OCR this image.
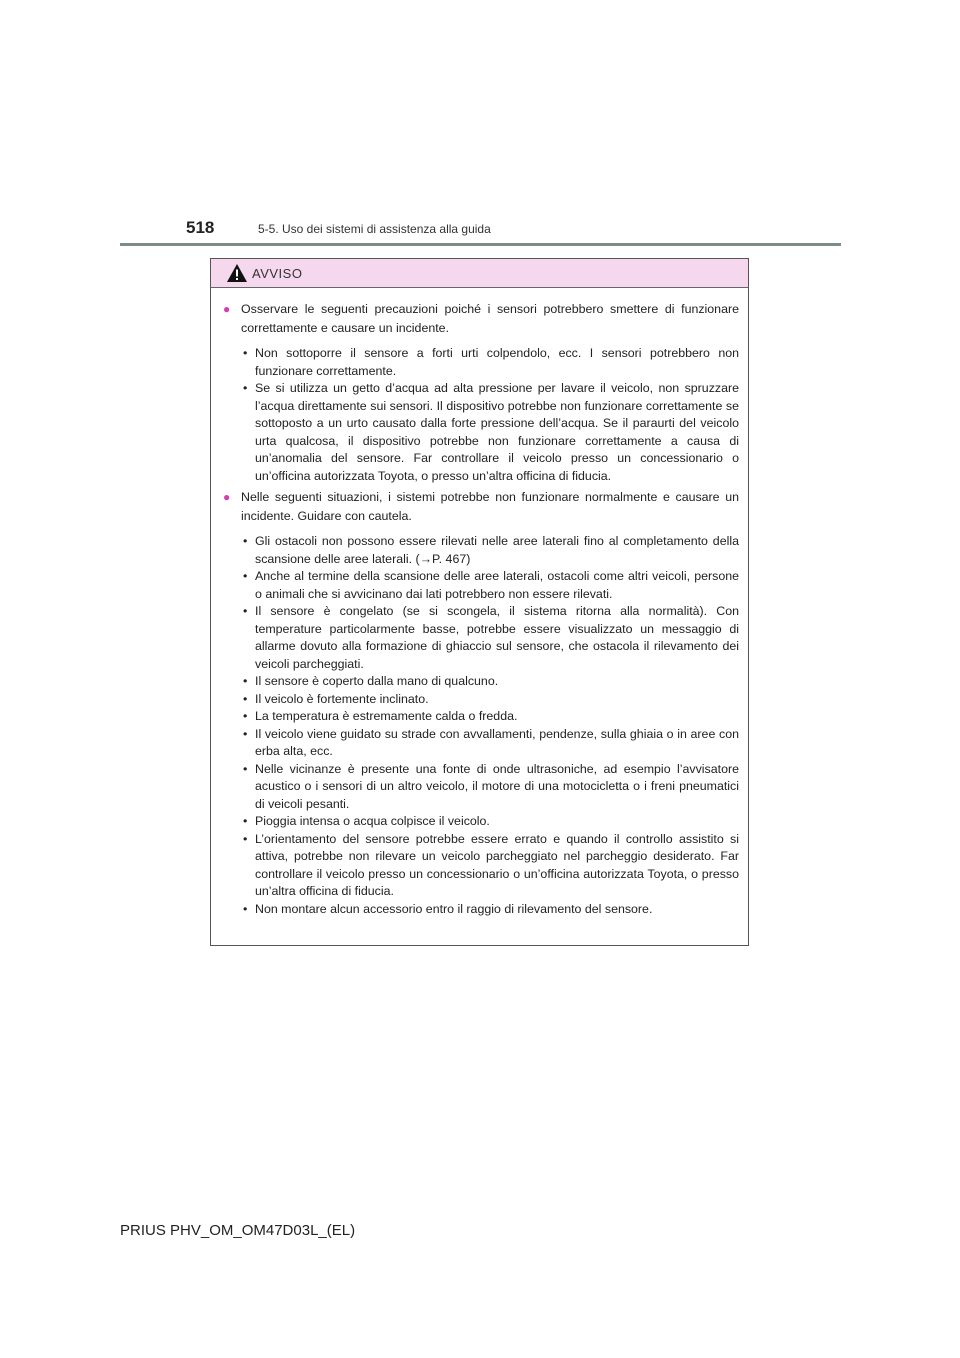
518	5-5. Uso dei sistemi di assistenza alla guida
AVVISO
● Osservare le seguenti precauzioni poiché i sensori potrebbero smettere di funzionare correttamente e causare un incidente.
• Non sottoporre il sensore a forti urti colpendolo, ecc. I sensori potrebbero non funzionare correttamente.
• Se si utilizza un getto d’acqua ad alta pressione per lavare il veicolo, non spruzzare l’acqua direttamente sui sensori. Il dispositivo potrebbe non funzionare correttamente se sottoposto a un urto causato dalla forte pressione dell’acqua. Se il paraurti del veicolo urta qualcosa, il dispositivo potrebbe non funzionare correttamente a causa di un’anomalia del sensore. Far controllare il veicolo presso un concessionario o un’officina autorizzata Toyota, o presso un’altra officina di fiducia.
● Nelle seguenti situazioni, i sistemi potrebbe non funzionare normalmente e causare un incidente. Guidare con cautela.
• Gli ostacoli non possono essere rilevati nelle aree laterali fino al completamento della scansione delle aree laterali. (→P. 467)
• Anche al termine della scansione delle aree laterali, ostacoli come altri veicoli, persone o animali che si avvicinano dai lati potrebbero non essere rilevati.
• Il sensore è congelato (se si scongela, il sistema ritorna alla normalità). Con temperature particolarmente basse, potrebbe essere visualizzato un messaggio di allarme dovuto alla formazione di ghiaccio sul sensore, che ostacola il rilevamento dei veicoli parcheggiati.
• Il sensore è coperto dalla mano di qualcuno.
• Il veicolo è fortemente inclinato.
• La temperatura è estremamente calda o fredda.
• Il veicolo viene guidato su strade con avvallamenti, pendenze, sulla ghiaia o in aree con erba alta, ecc.
• Nelle vicinanze è presente una fonte di onde ultrasoniche, ad esempio l’avvisatore acustico o i sensori di un altro veicolo, il motore di una motocicletta o i freni pneumatici di veicoli pesanti.
• Pioggia intensa o acqua colpisce il veicolo.
• L’orientamento del sensore potrebbe essere errato e quando il controllo assistito si attiva, potrebbe non rilevare un veicolo parcheggiato nel parcheggio desiderato. Far controllare il veicolo presso un concessionario o un’officina autorizzata Toyota, o presso un’altra officina di fiducia.
• Non montare alcun accessorio entro il raggio di rilevamento del sensore.
PRIUS PHV_OM_OM47D03L_(EL)
